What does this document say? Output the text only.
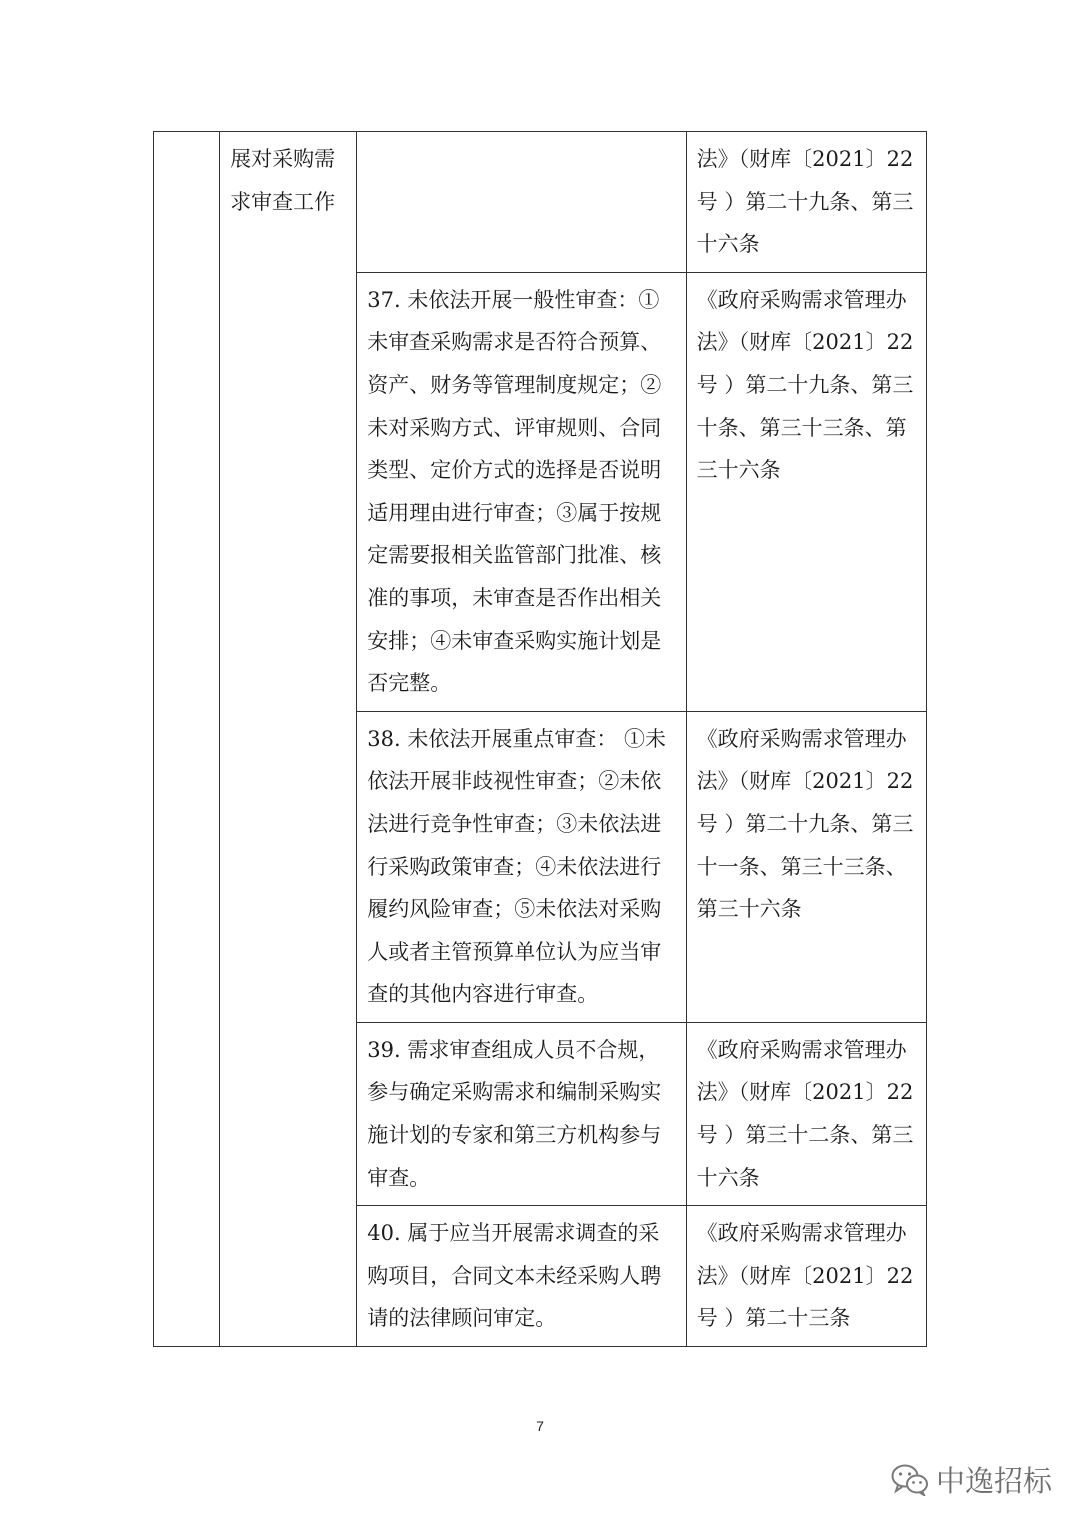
	展对采购需求审查工作		法》（财库〔2021〕22 号 ）第二十九条、第三十六条
		37. 未依法开展一般性审查：①未审查采购需求是否符合预算、资产、财务等管理制度规定；②未对采购方式、评审规则、合同类型、定价方式的选择是否说明 适用理由进行审查；③属于按规定需要报相关监管部门批准、核准的事项，未审查是否作出相关安排；④未审查采购实施计划是否完整。	《政府采购需求管理办法》（财库〔2021〕22 号 ）第二十九条、第三十条、第三十三条、第三十六条
		38. 未依法开展重点审查： ①未依法开展非歧视性审查；②未依法进行竞争性审查；③未依法进行采购政策审查；④未依法进行履约风险审查；⑤未依法对采购人或者主管预算单位认为应当审查的其他内容进行审查。	《政府采购需求管理办法》（财库〔2021〕22 号 ）第二十九条、第三十一条、第三十三条、第三十六条
		39. 需求审查组成人员不合规，参与确定采购需求和编制采购实施计划的专家和第三方机构参与审查。	《政府采购需求管理办法》（财库〔2021〕22 号 ）第三十二条、第三十六条
		40. 属于应当开展需求调查的采购项目，合同文本未经采购人聘请的法律顾问审定。	《政府采购需求管理办法》（财库〔2021〕22 号 ）第二十三条
7
中逸招标
